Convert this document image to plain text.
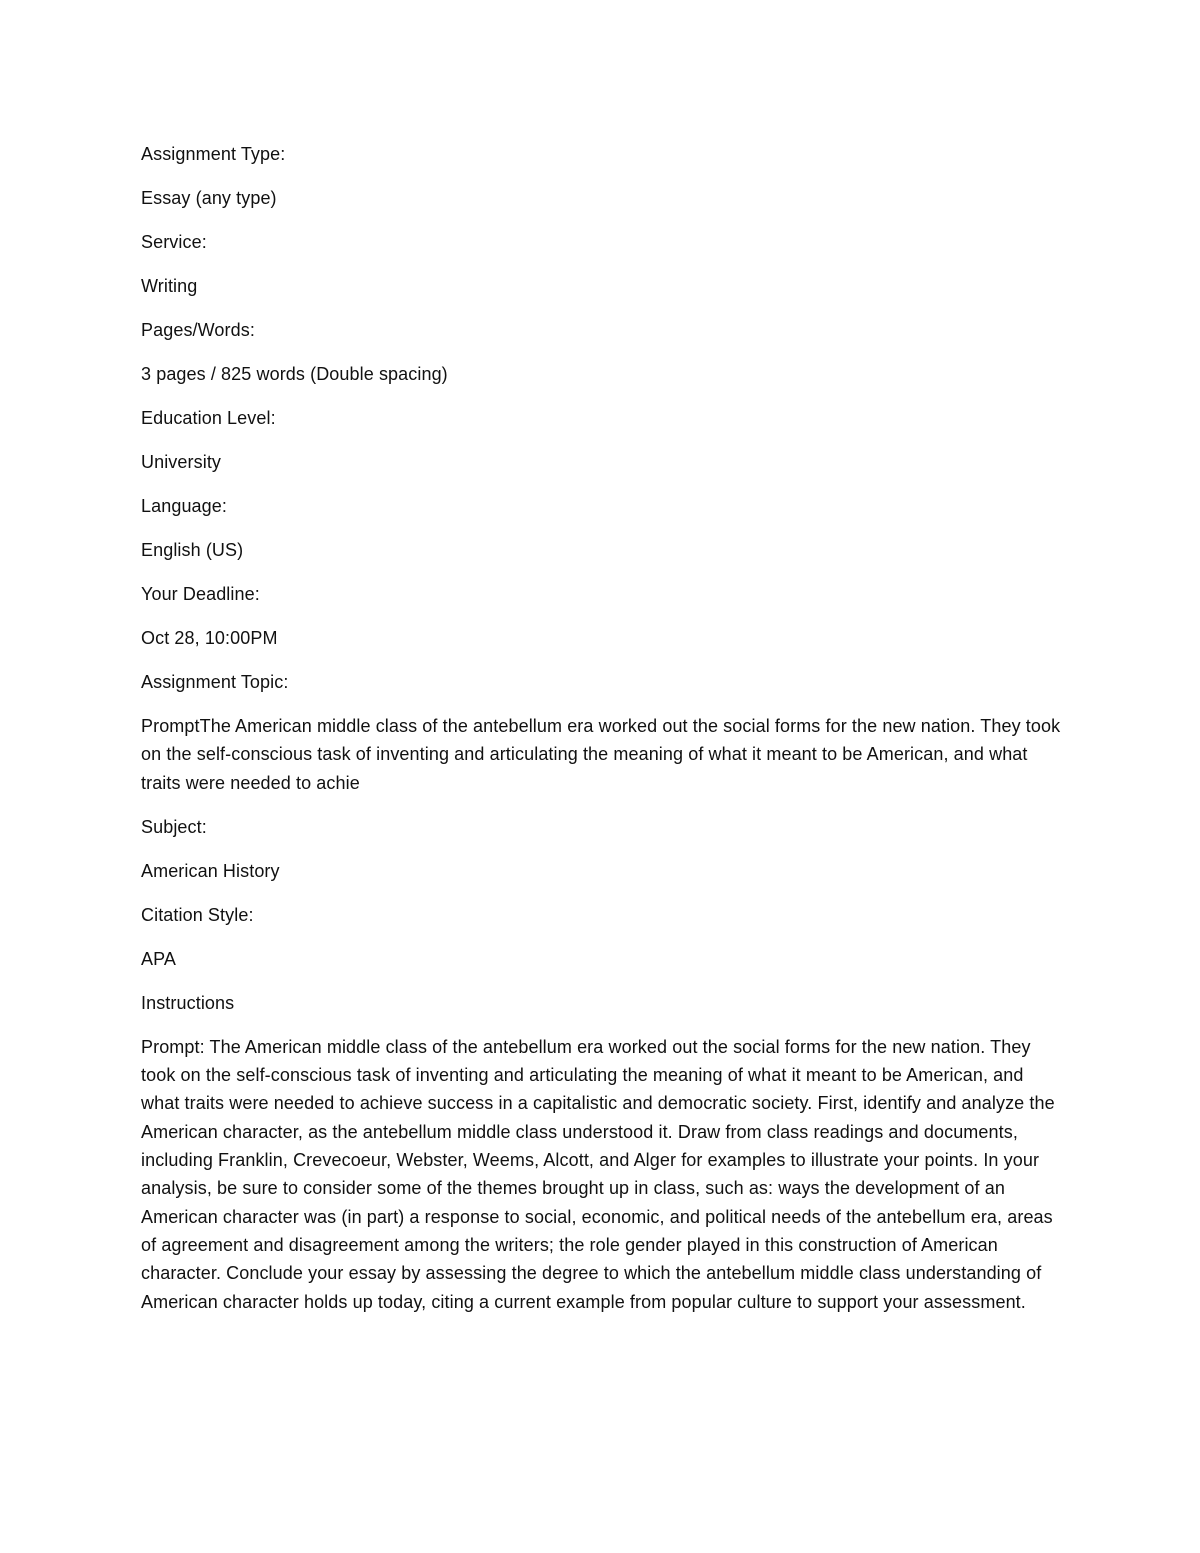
Assignment Type:

Essay (any type)

Service:

Writing

Pages/Words:

3 pages / 825 words (Double spacing)

Education Level:

University

Language:

English (US)

Your Deadline:

Oct 28, 10:00PM

Assignment Topic:

PromptThe American middle class of the antebellum era worked out the social forms for the new nation. They took on the self-conscious task of inventing and articulating the meaning of what it meant to be American, and what traits were needed to achie

Subject:

American History

Citation Style:

APA

Instructions

Prompt: The American middle class of the antebellum era worked out the social forms for the new nation. They took on the self-conscious task of inventing and articulating the meaning of what it meant to be American, and what traits were needed to achieve success in a capitalistic and democratic society. First, identify and analyze the American character, as the antebellum middle class understood it. Draw from class readings and documents, including Franklin, Crevecoeur, Webster, Weems, Alcott, and Alger for examples to illustrate your points. In your analysis, be sure to consider some of the themes brought up in class, such as: ways the development of an American character was (in part) a response to social, economic, and political needs of the antebellum era, areas of agreement and disagreement among the writers; the role gender played in this construction of American character. Conclude your essay by assessing the degree to which the antebellum middle class understanding of American character holds up today, citing a current example from popular culture to support your assessment.
